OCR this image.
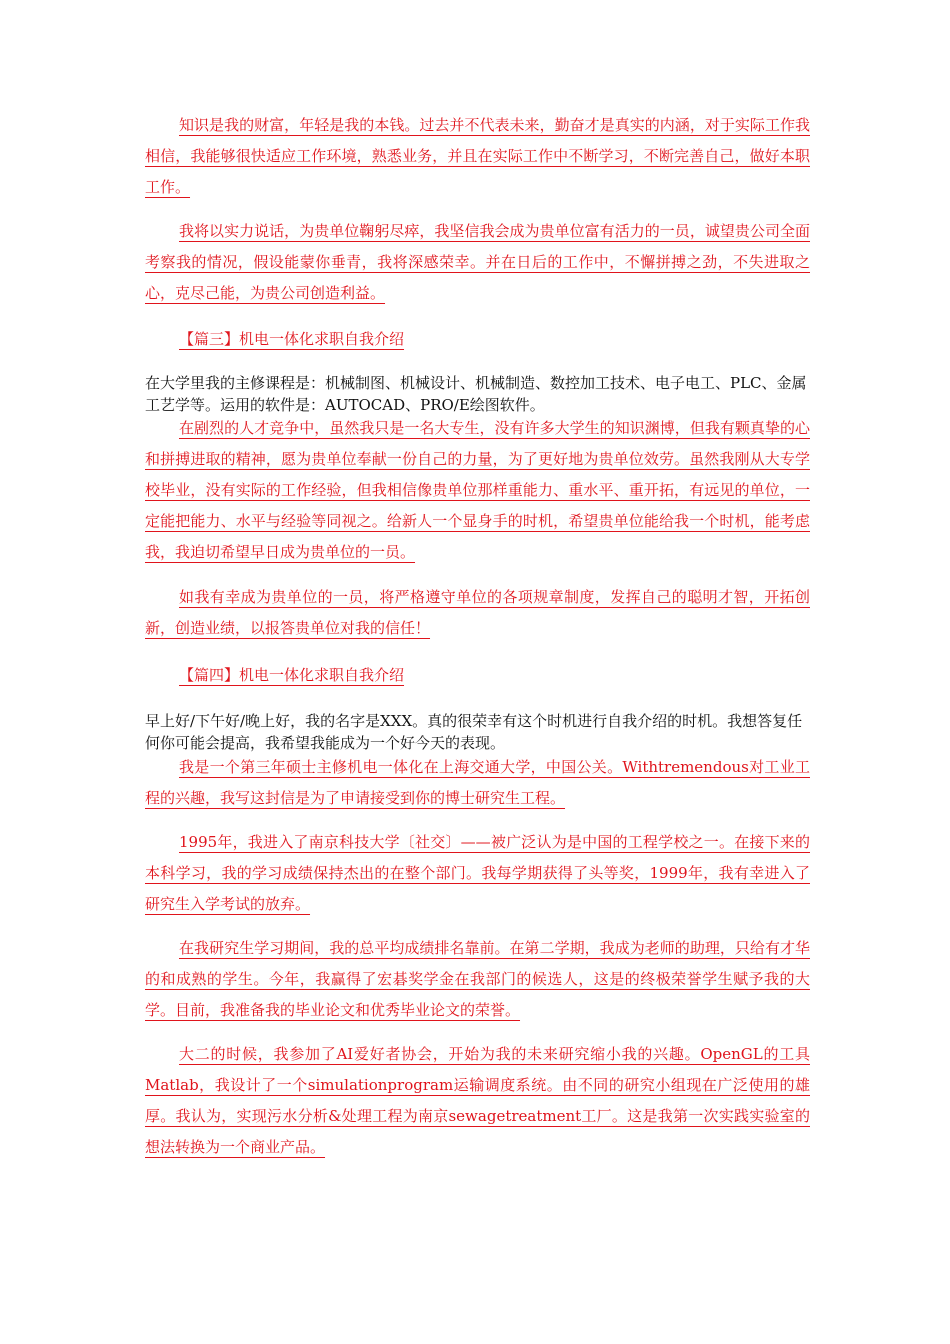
知识是我的财富，年轻是我的本钱。过去并不代表未来，勤奋才是真实的内涵，对于实际工作我相信，我能够很快适应工作环境，熟悉业务，并且在实际工作中不断学习，不断完善自己，做好本职工作。
我将以实力说话，为贵单位鞠躬尽瘁，我坚信我会成为贵单位富有活力的一员，诚望贵公司全面考察我的情况，假设能蒙你垂青，我将深感荣幸。并在日后的工作中，不懈拼搏之劲，不失进取之心，克尽己能，为贵公司创造利益。
【篇三】机电一体化求职自我介绍
在大学里我的主修课程是：机械制图、机械设计、机械制造、数控加工技术、电子电工、PLC、金属工艺学等。运用的软件是：AUTOCAD、PRO/E绘图软件。
在剧烈的人才竞争中，虽然我只是一名大专生，没有许多大学生的知识渊博，但我有颗真挚的心和拼搏进取的精神，愿为贵单位奉献一份自己的力量，为了更好地为贵单位效劳。虽然我刚从大专学校毕业，没有实际的工作经验，但我相信像贵单位那样重能力、重水平、重开拓，有远见的单位，一定能把能力、水平与经验等同视之。给新人一个显身手的时机，希望贵单位能给我一个时机，能考虑我，我迫切希望早日成为贵单位的一员。
如我有幸成为贵单位的一员，将严格遵守单位的各项规章制度，发挥自己的聪明才智，开拓创新，创造业绩，以报答贵单位对我的信任！
【篇四】机电一体化求职自我介绍
早上好/下午好/晚上好，我的名字是XXX。真的很荣幸有这个时机进行自我介绍的时机。我想答复任何你可能会提高，我希望我能成为一个好今天的表现。
我是一个第三年硕士主修机电一体化在上海交通大学，中国公关。Withtremendous对工业工程的兴趣，我写这封信是为了申请接受到你的博士研究生工程。
1995年，我进入了南京科技大学〔社交〕——被广泛认为是中国的工程学校之一。在接下来的本科学习，我的学习成绩保持杰出的在整个部门。我每学期获得了头等奖，1999年，我有幸进入了研究生入学考试的放弃。
在我研究生学习期间，我的总平均成绩排名靠前。在第二学期，我成为老师的助理，只给有才华的和成熟的学生。今年，我赢得了宏碁奖学金在我部门的候选人，这是的终极荣誉学生赋予我的大学。目前，我准备我的毕业论文和优秀毕业论文的荣誉。
大二的时候，我参加了AI爱好者协会，开始为我的未来研究缩小我的兴趣。OpenGL的工具Matlab，我设计了一个simulationprogram运输调度系统。由不同的研究小组现在广泛使用的雄厚。我认为，实现污水分析&处理工程为南京sewagetreatment工厂。这是我第一次实践实验室的想法转换为一个商业产品。
